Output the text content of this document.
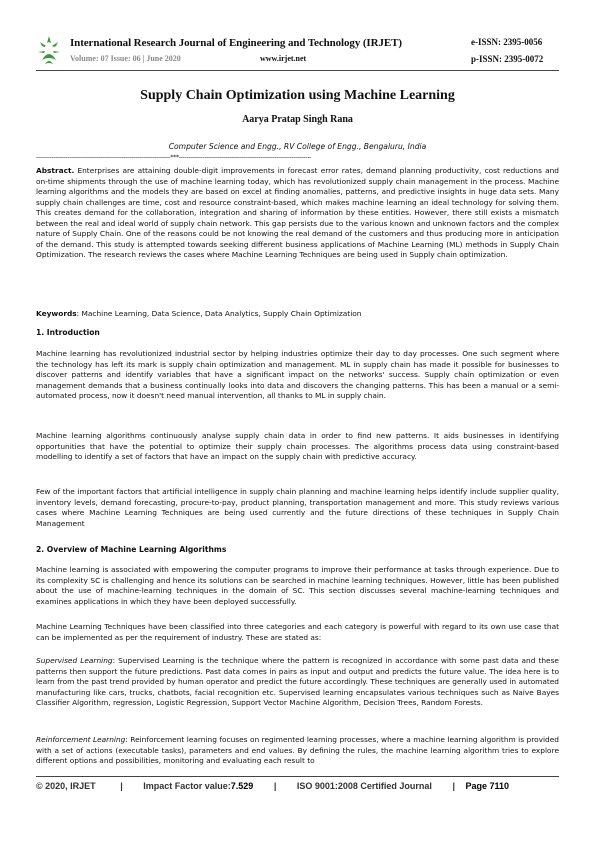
International Research Journal of Engineering and Technology (IRJET)	e-ISSN: 2395-0056
Volume: 07 Issue: 06 | June 2020	www.irjet.net	p-ISSN: 2395-0072
Supply Chain Optimization using Machine Learning
Aarya Pratap Singh Rana
Computer Science and Engg., RV College of Engg., Bengaluru, India
---------------------------------------------------------------------***--------------------------------------------------------------------
Abstract. Enterprises are attaining double-digit improvements in forecast error rates, demand planning productivity, cost reductions and on-time shipments through the use of machine learning today, which has revolutionized supply chain management in the process. Machine learning algorithms and the models they are based on excel at finding anomalies, patterns, and predictive insights in huge data sets. Many supply chain challenges are time, cost and resource constraint-based, which makes machine learning an ideal technology for solving them. This creates demand for the collaboration, integration and sharing of information by these entities. However, there still exists a mismatch between the real and ideal world of supply chain network. This gap persists due to the various known and unknown factors and the complex nature of Supply Chain. One of the reasons could be not knowing the real demand of the customers and thus producing more in anticipation of the demand. This study is attempted towards seeking different business applications of Machine Learning (ML) methods in Supply Chain Optimization. The research reviews the cases where Machine Learning Techniques are being used in Supply chain optimization.
Keywords: Machine Learning, Data Science, Data Analytics, Supply Chain Optimization
1. Introduction
Machine learning has revolutionized industrial sector by helping industries optimize their day to day processes. One such segment where the technology has left its mark is supply chain optimization and management. ML in supply chain has made it possible for businesses to discover patterns and identify variables that have a significant impact on the networks' success. Supply chain optimization or even management demands that a business continually looks into data and discovers the changing patterns. This has been a manual or a semi-automated process, now it doesn't need manual intervention, all thanks to ML in supply chain.
Machine learning algorithms continuously analyse supply chain data in order to find new patterns. It aids businesses in identifying opportunities that have the potential to optimize their supply chain processes. The algorithms process data using constraint-based modelling to identify a set of factors that have an impact on the supply chain with predictive accuracy.
Few of the important factors that artificial intelligence in supply chain planning and machine learning helps identify include supplier quality, inventory levels, demand forecasting, procure-to-pay, product planning, transportation management and more. This study reviews various cases where Machine Learning Techniques are being used currently and the future directions of these techniques in Supply Chain Management
2. Overview of Machine Learning Algorithms
Machine learning is associated with empowering the computer programs to improve their performance at tasks through experience. Due to its complexity SC is challenging and hence its solutions can be searched in machine learning techniques. However, little has been published about the use of machine-learning techniques in the domain of SC. This section discusses several machine-learning techniques and examines applications in which they have been deployed successfully.
Machine Learning Techniques have been classified into three categories and each category is powerful with regard to its own use case that can be implemented as per the requirement of industry. These are stated as:
Supervised Learning: Supervised Learning is the technique where the pattern is recognized in accordance with some past data and these patterns then support the future predictions. Past data comes in pairs as input and output and predicts the future value. The idea here is to learn from the past trend provided by human operator and predict the future accordingly. These techniques are generally used in automated manufacturing like cars, trucks, chatbots, facial recognition etc. Supervised learning encapsulates various techniques such as Naive Bayes Classifier Algorithm, regression, Logistic Regression, Support Vector Machine Algorithm, Decision Trees, Random Forests.
Reinforcement Learning: Reinforcement learning focuses on regimented learning processes, where a machine learning algorithm is provided with a set of actions (executable tasks), parameters and end values. By defining the rules, the machine learning algorithm tries to explore different options and possibilities, monitoring and evaluating each result to
© 2020, IRJET	| Impact Factor value:7.529 | ISO 9001:2008 Certified Journal | Page 7110
